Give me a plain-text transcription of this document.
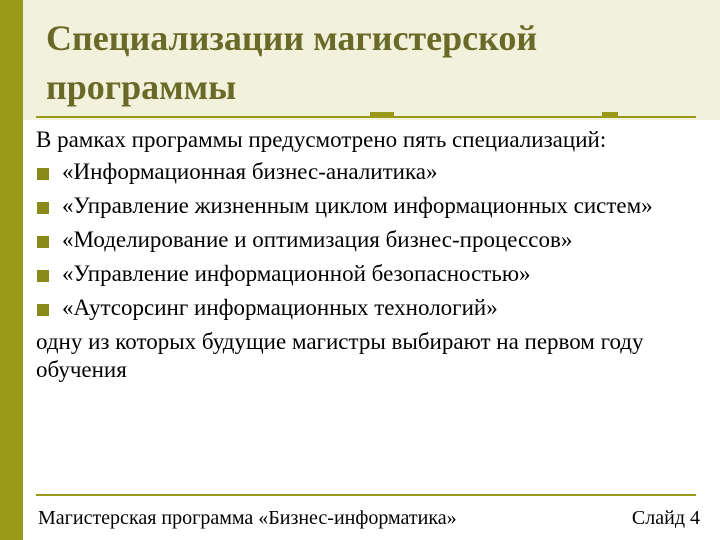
Специализации магистерской программы

В рамках программы предусмотрено пять специализаций:

«Информационная бизнес-аналитика»
«Управление жизненным циклом информационных систем»
«Моделирование и оптимизация бизнес-процессов»
«Управление информационной безопасностью»
«Аутсорсинг информационных технологий»

одну из которых будущие магистры выбирают на первом году обучения

Магистерская программа «Бизнес-информатика»	Слайд 4
